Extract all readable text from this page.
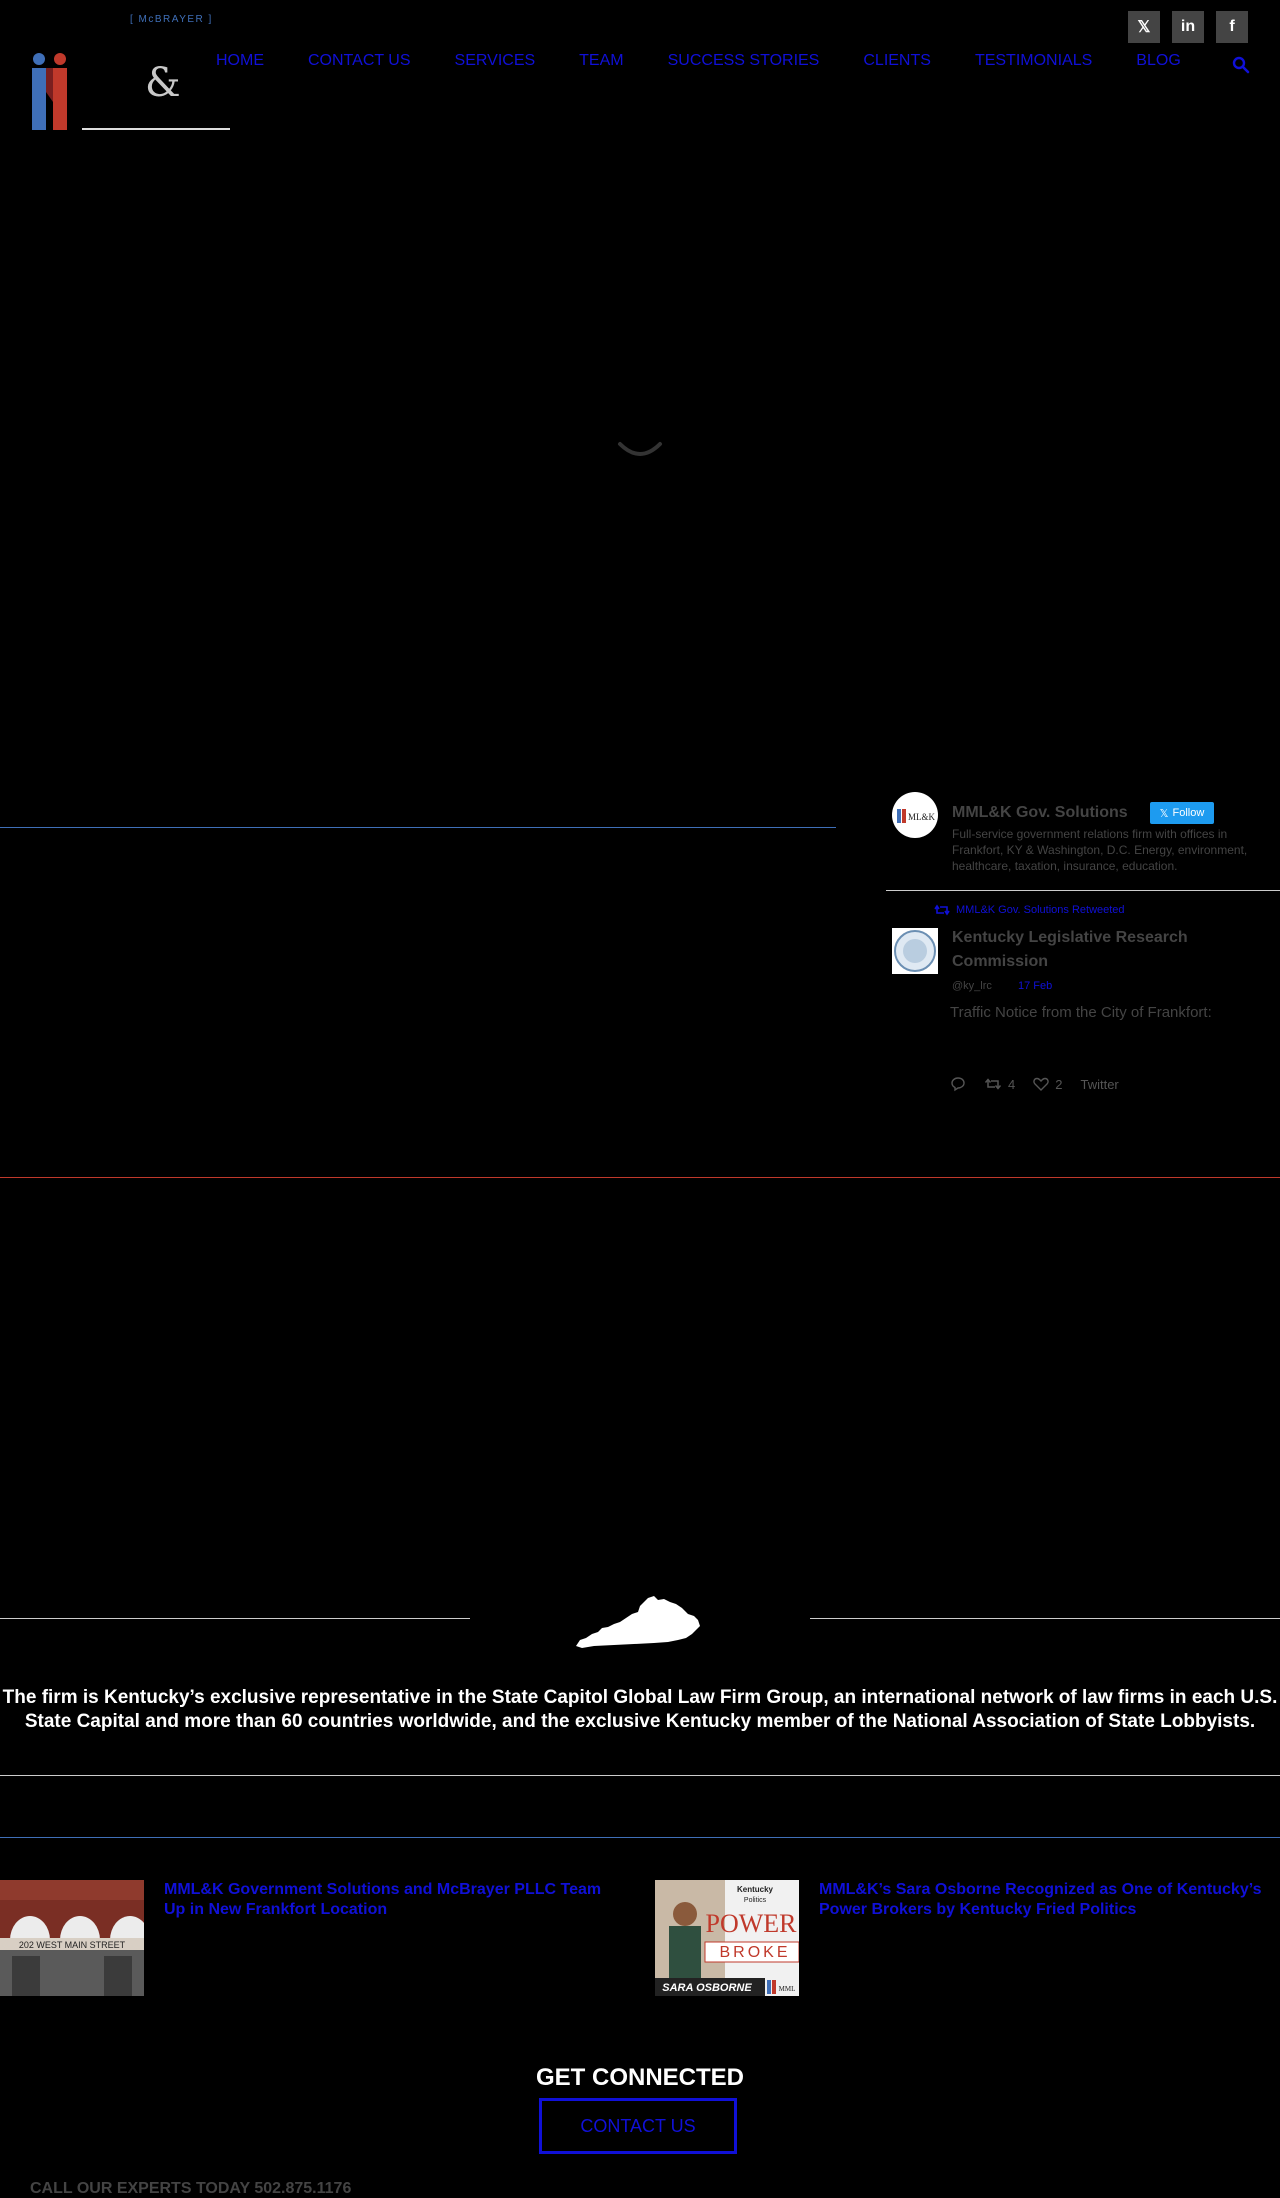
[ McBRAYER ]
& HOME	CONTACT US	SERVICES	TEAM	SUCCESS STORIES	CLIENTS	TESTIMONIALS	BLOG
𝕏	in	f
ML&K MML&K Gov. Solutions	𝕏 Follow
Full-service government relations firm with offices in Frankfort, KY & Washington, D.C. Energy, environment, healthcare, taxation, insurance, education.
MML&K Gov. Solutions Retweeted
Kentucky Legislative Research Commission
@ky_lrc 17 Feb
Traffic Notice from the City of Frankfort:
4	2 Twitter
The firm is Kentucky’s exclusive representative in the State Capitol Global Law Firm Group, an international network of law firms in each U.S. State Capital and more than 60 countries worldwide, and the exclusive Kentucky member of the National Association of State Lobbyists.
202 WEST MAIN STREET
MML&K Government Solutions and McBrayer PLLC Team Up in New Frankfort Location
Kentucky
Politics
POWER
BROKE
SARA OSBORNE	MML
MML&K’s Sara Osborne Recognized as One of Kentucky’s Power Brokers by Kentucky Fried Politics
GET CONNECTED
CONTACT US
CALL OUR EXPERTS TODAY 502.875.1176
